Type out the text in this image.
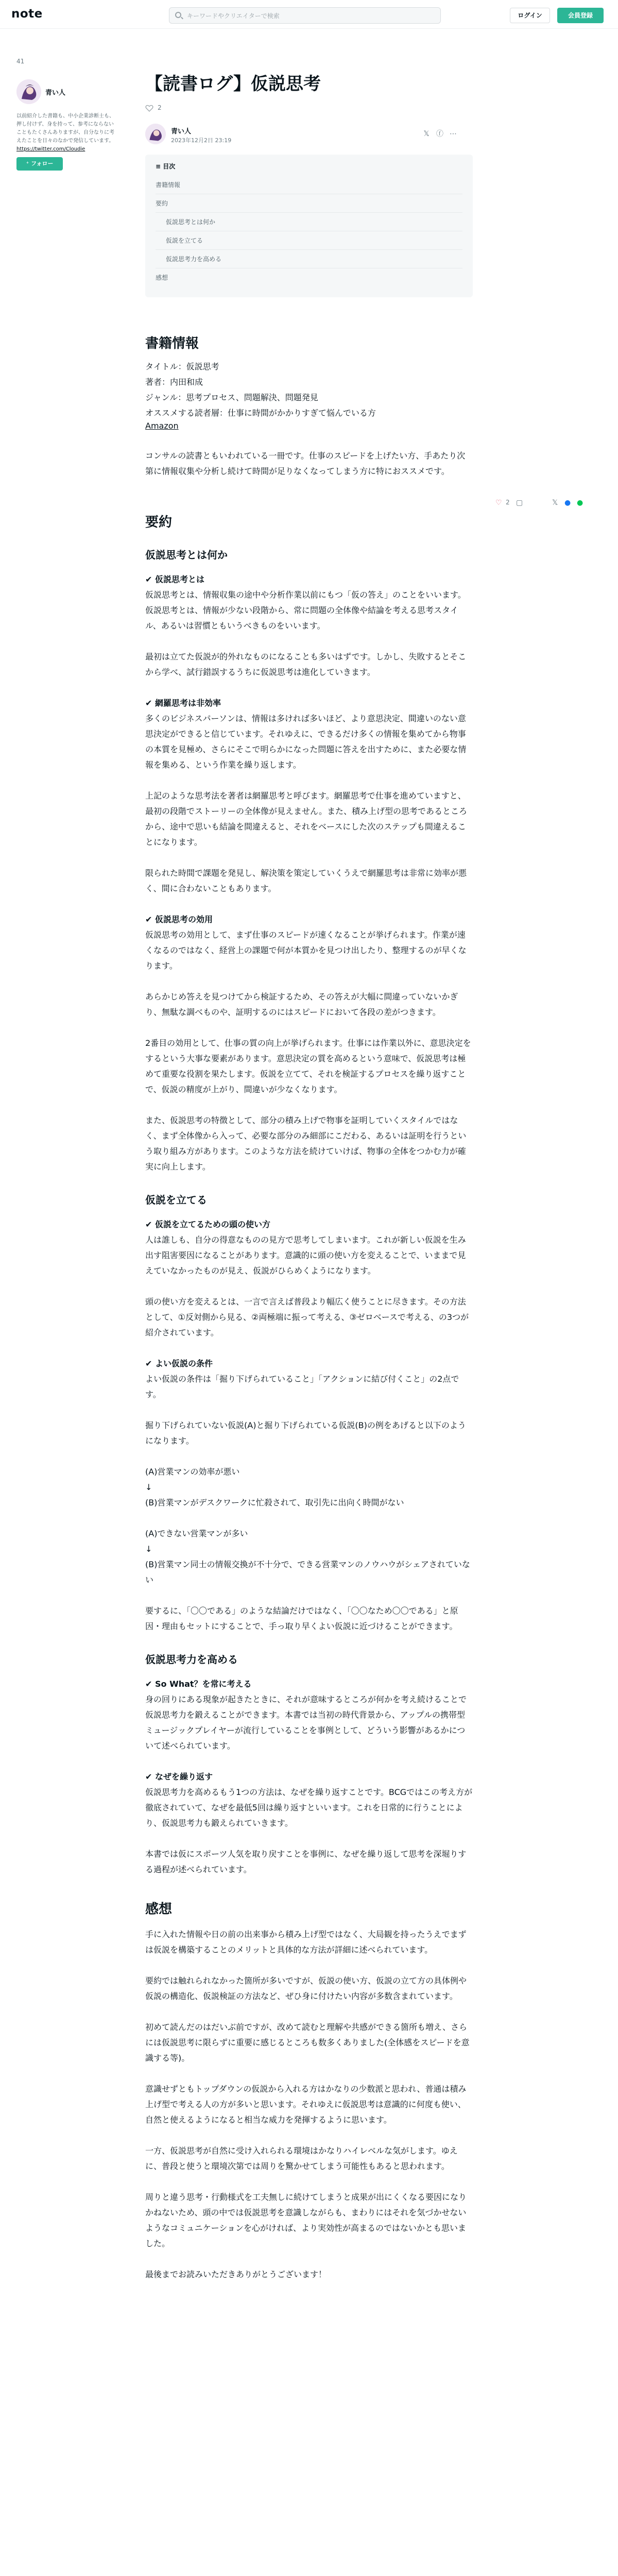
note
キーワードやクリエイターで検索	ログイン	会員登録
41
青い人
以前紹介した書籍も、中小企業診断士も、押し付けず、身を持って、参考にならないこともたくさんありますが、自分なりに考えたことを日々のなかで発信しています。
https://twitter.com/Cloudie
⁺ フォロー
♡ 2 ▢	𝕏 ● ●
【読書ログ】仮説思考
2
青い人
2023年12月2日 23:19
𝕏 ⓕ ⋯
≡ 目次
書籍情報
要約
仮説思考とは何か
仮説を立てる
仮説思考力を高める
感想
書籍情報

タイトル：仮説思考

著者：内田和成

ジャンル：思考プロセス、問題解決、問題発見

オススメする読者層：仕事に時間がかかりすぎて悩んでいる方

Amazon

コンサルの読書ともいわれている一冊です。仕事のスピードを上げたい方、手あたり次第に情報収集や分析し続けて時間が足りなくなってしまう方に特におススメです。

要約
仮説思考とは何か

✔ 仮説思考とは

仮説思考とは、情報収集の途中や分析作業以前にもつ「仮の答え」のことをいいます。仮説思考とは、情報が少ない段階から、常に問題の全体像や結論を考える思考スタイル、あるいは習慣ともいうべきものをいいます。

最初は立てた仮説が的外れなものになることも多いはずです。しかし、失敗するとそこから学べ、試行錯誤するうちに仮説思考は進化していきます。

✔ 網羅思考は非効率

多くのビジネスパーソンは、情報は多ければ多いほど、より意思決定、間違いのない意思決定ができると信じています。それゆえに、できるだけ多くの情報を集めてから物事の本質を見極め、さらにそこで明らかになった問題に答えを出すために、また必要な情報を集める、という作業を繰り返します。

上記のような思考法を著者は網羅思考と呼びます。網羅思考で仕事を進めていますと、最初の段階でストーリーの全体像が見えません。また、積み上げ型の思考であるところから、途中で思いも結論を間違えると、それをベースにした次のステップも間違えることになります。

限られた時間で課題を発見し、解決策を策定していくうえで網羅思考は非常に効率が悪く、間に合わないこともあります。

✔ 仮説思考の効用

仮説思考の効用として、まず仕事のスピードが速くなることが挙げられます。作業が速くなるのではなく、経営上の課題で何が本質かを見つけ出したり、整理するのが早くなります。

あらかじめ答えを見つけてから検証するため、その答えが大幅に間違っていないかぎり、無駄な調べものや、証明するのにはスピードにおいて各段の差がつきます。

2番目の効用として、仕事の質の向上が挙げられます。仕事には作業以外に、意思決定をするという大事な要素があります。意思決定の質を高めるという意味で、仮説思考は極めて重要な役割を果たします。仮説を立てて、それを検証するプロセスを繰り返すことで、仮説の精度が上がり、間違いが少なくなります。

また、仮説思考の特徴として、部分の積み上げで物事を証明していくスタイルではなく、まず全体像から入って、必要な部分のみ細部にこだわる、あるいは証明を行うという取り組み方があります。このような方法を続けていけば、物事の全体をつかむ力が確実に向上します。

仮説を立てる

✔ 仮説を立てるための頭の使い方

人は誰しも、自分の得意なものの見方で思考してしまいます。これが新しい仮説を生み出す阻害要因になることがあります。意識的に頭の使い方を変えることで、いままで見えていなかったものが見え、仮説がひらめくようになります。

頭の使い方を変えるとは、一言で言えば普段より幅広く使うことに尽きます。その方法として、①反対側から見る、②両極端に振って考える、③ゼロベースで考える、の3つが紹介されています。

✔ よい仮説の条件

よい仮説の条件は「掘り下げられていること」「アクションに結び付くこと」の2点です。

掘り下げられていない仮説(A)と掘り下げられている仮説(B)の例をあげると以下のようになります。

(A)営業マンの効率が悪い

↓

(B)営業マンがデスクワークに忙殺されて、取引先に出向く時間がない

(A)できない営業マンが多い

↓

(B)営業マン同士の情報交換が不十分で、できる営業マンのノウハウがシェアされていない

要するに、「〇〇である」のような結論だけではなく、「〇〇なため〇〇である」と原因・理由もセットにすることで、手っ取り早くよい仮説に近づけることができます。

仮説思考力を高める

✔ So What？を常に考える

身の回りにある現象が起きたときに、それが意味するところが何かを考え続けることで仮説思考力を鍛えることができます。本書では当初の時代背景から、アップルの携帯型ミュージックプレイヤーが流行していることを事例として、どういう影響があるかについて述べられています。

✔ なぜを繰り返す

仮説思考力を高めるもう1つの方法は、なぜを繰り返すことです。BCGではこの考え方が徹底されていて、なぜを最低5回は繰り返すといいます。これを日常的に行うことにより、仮説思考力も鍛えられていきます。

本書では仮にスポーツ人気を取り戻すことを事例に、なぜを繰り返して思考を深堀りする過程が述べられています。

感想

手に入れた情報や日の前の出来事から積み上げ型ではなく、大局観を持ったうえでまずは仮説を構築することのメリットと具体的な方法が詳細に述べられています。

要約では触れられなかった箇所が多いですが、仮説の使い方、仮説の立て方の具体例や仮説の構造化、仮説検証の方法など、ぜひ身に付けたい内容が多数含まれています。

初めて読んだのはだいぶ前ですが、改めて読むと理解や共感ができる箇所も増え、さらには仮説思考に限らずに重要に感じるところも数多くありました(全体感をスピードを意識する等)。

意識せずともトップダウンの仮説から入れる方はかなりの少数派と思われ、普通は積み上げ型で考える人の方が多いと思います。それゆえに仮説思考は意識的に何度も使い、自然と使えるようになると相当な威力を発揮するように思います。

一方、仮説思考が自然に受け入れられる環境はかなりハイレベルな気がします。ゆえに、普段と使うと環境次第では周りを驚かせてしまう可能性もあると思われます。

周りと違う思考・行動様式を工夫無しに続けてしまうと成果が出にくくなる要因になりかねないため、頭の中では仮説思考を意識しながらも、まわりにはそれを気づかせないようなコミュニケーションを心がければ、より実効性が高まるのではないかとも思いました。

最後までお読みいただきありがとうございます！
